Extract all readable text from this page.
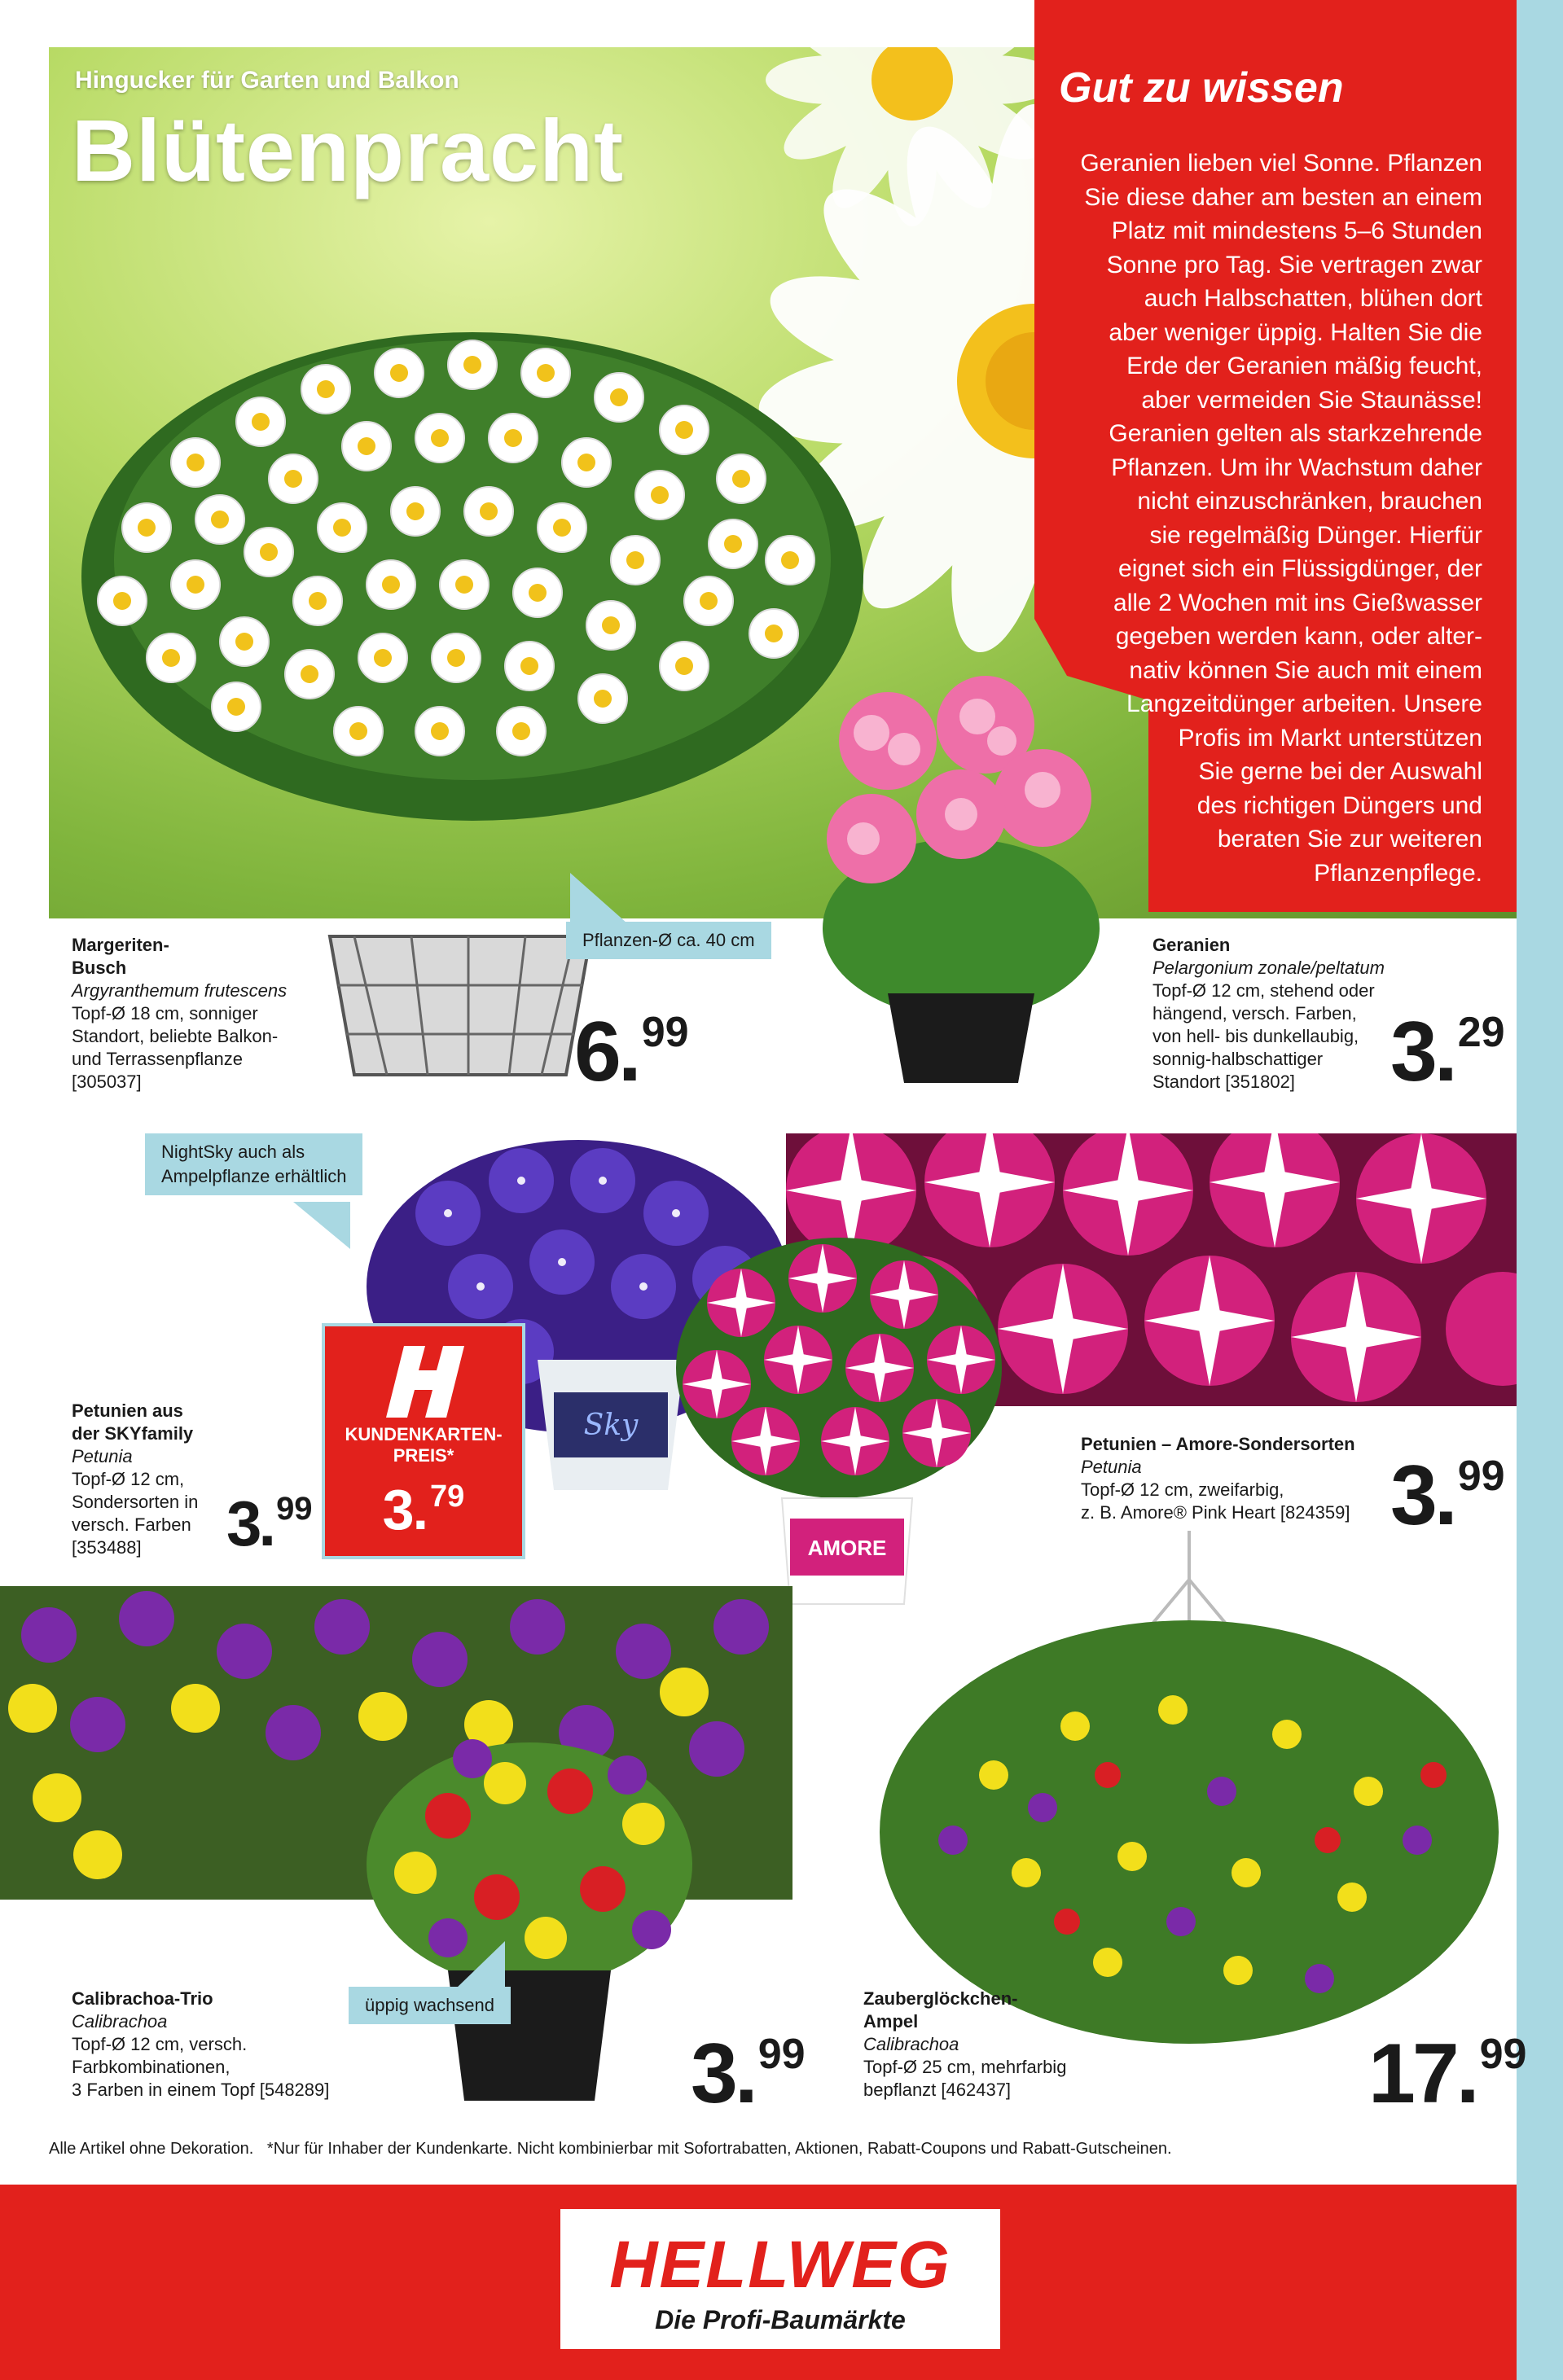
Gut zu wissen
Geranien lieben viel Sonne. Pflanzen
Sie diese daher am besten an einem
Platz mit mindestens 5–6 Stunden
Sonne pro Tag. Sie vertragen zwar
auch Halbschatten, blühen dort
aber weniger üppig. Halten Sie die
Erde der Geranien mäßig feucht,
aber vermeiden Sie Staunässe!
Geranien gelten als starkzehrende
Pflanzen. Um ihr Wachstum daher
nicht einzuschränken, brauchen
sie regelmäßig Dünger. Hierfür
eignet sich ein Flüssigdünger, der
alle 2 Wochen mit ins Gießwasser
gegeben werden kann, oder alter-
nativ können Sie auch mit einem
Langzeitdünger arbeiten. Unsere
Profis im Markt unterstützen
Sie gerne bei der Auswahl
des richtigen Düngers und
beraten Sie zur weiteren
Pflanzenpflege.
Hingucker für Garten und Balkon
Blütenpracht
Margeriten-
Busch
Argyranthemum frutescens
Topf-Ø 18 cm, sonniger
Standort, beliebte Balkon-
und Terrassenpflanze
[305037]
Pflanzen-Ø ca. 40 cm
6.99
Geranien
Pelargonium zonale/peltatum
Topf-Ø 12 cm, stehend oder
hängend, versch. Farben,
von hell- bis dunkellaubig,
sonnig-halbschattiger
Standort [351802]	3.29
Sky
AMORE
NightSky auch als
Ampelpflanze erhältlich
KUNDENKARTEN-
PREIS*
3. $^{79}$
Petunien aus
der SKYfamily
Petunia
Topf-Ø 12 cm,
Sondersorten in
versch. Farben
[353488]	3. 99
Petunien – Amore-Sondersorten
Petunia
Topf-Ø 12 cm, zweifarbig,
z. B. Amore® Pink Heart [824359] 3.99
üppig wachsend
Calibrachoa-Trio
Calibrachoa
Topf-Ø 12 cm, versch.
Farbkombinationen,
3 Farben in einem Topf [548289]	3.99
Zauberglöckchen-
Ampel
Calibrachoa
Topf-Ø 25 cm, mehrfarbig
bepflanzt [462437]	17.99
Alle Artikel ohne Dekoration.   *Nur für Inhaber der Kundenkarte. Nicht kombinierbar mit Sofortrabatten, Aktionen, Rabatt-Coupons und Rabatt-Gutscheinen.
HELLWEG
Die Profi-Baumärkte
